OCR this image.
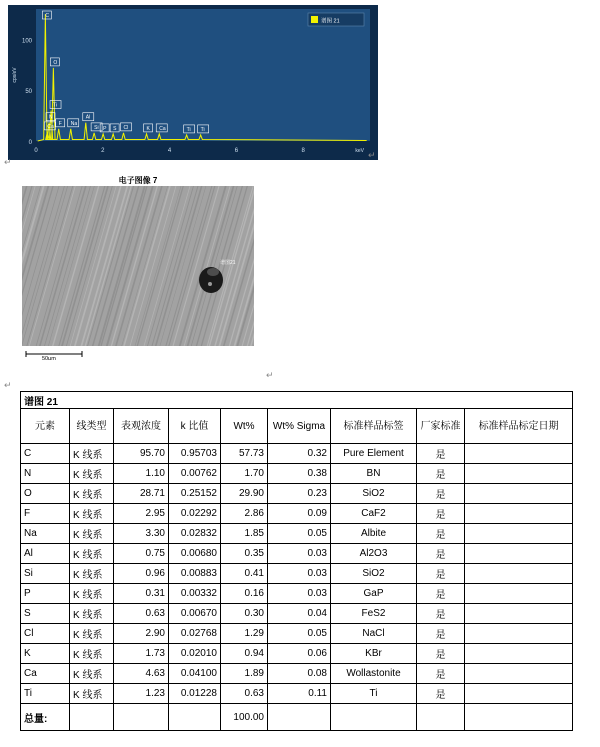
100
50
0
cps/eV
0	2	4	6	8	keV
C
O
N
Ti
Ca
F Na
Al
Si P S Cl	K Ca	Ti Ti
谱图 21
↵
↵
电子图像 7
谱图21
50μm
↵
↵
谱图 21								
元素	线类型	表观浓度	k 比值	Wt%	Wt% Sigma	标准样品标签	厂家标准	标准样品标定日期
C	K 线系	95.70	0.95703	57.73	0.32	Pure Element	是	
N	K 线系	1.10	0.00762	1.70	0.38	BN	是	
O	K 线系	28.71	0.25152	29.90	0.23	SiO2	是	
F	K 线系	2.95	0.02292	2.86	0.09	CaF2	是	
Na	K 线系	3.30	0.02832	1.85	0.05	Albite	是	
Al	K 线系	0.75	0.00680	0.35	0.03	Al2O3	是	
Si	K 线系	0.96	0.00883	0.41	0.03	SiO2	是	
P	K 线系	0.31	0.00332	0.16	0.03	GaP	是	
S	K 线系	0.63	0.00670	0.30	0.04	FeS2	是	
Cl	K 线系	2.90	0.02768	1.29	0.05	NaCl	是	
K	K 线系	1.73	0.02010	0.94	0.06	KBr	是	
Ca	K 线系	4.63	0.04100	1.89	0.08	Wollastonite	是	
Ti	K 线系	1.23	0.01228	0.63	0.11	Ti	是	
总量:				100.00				
